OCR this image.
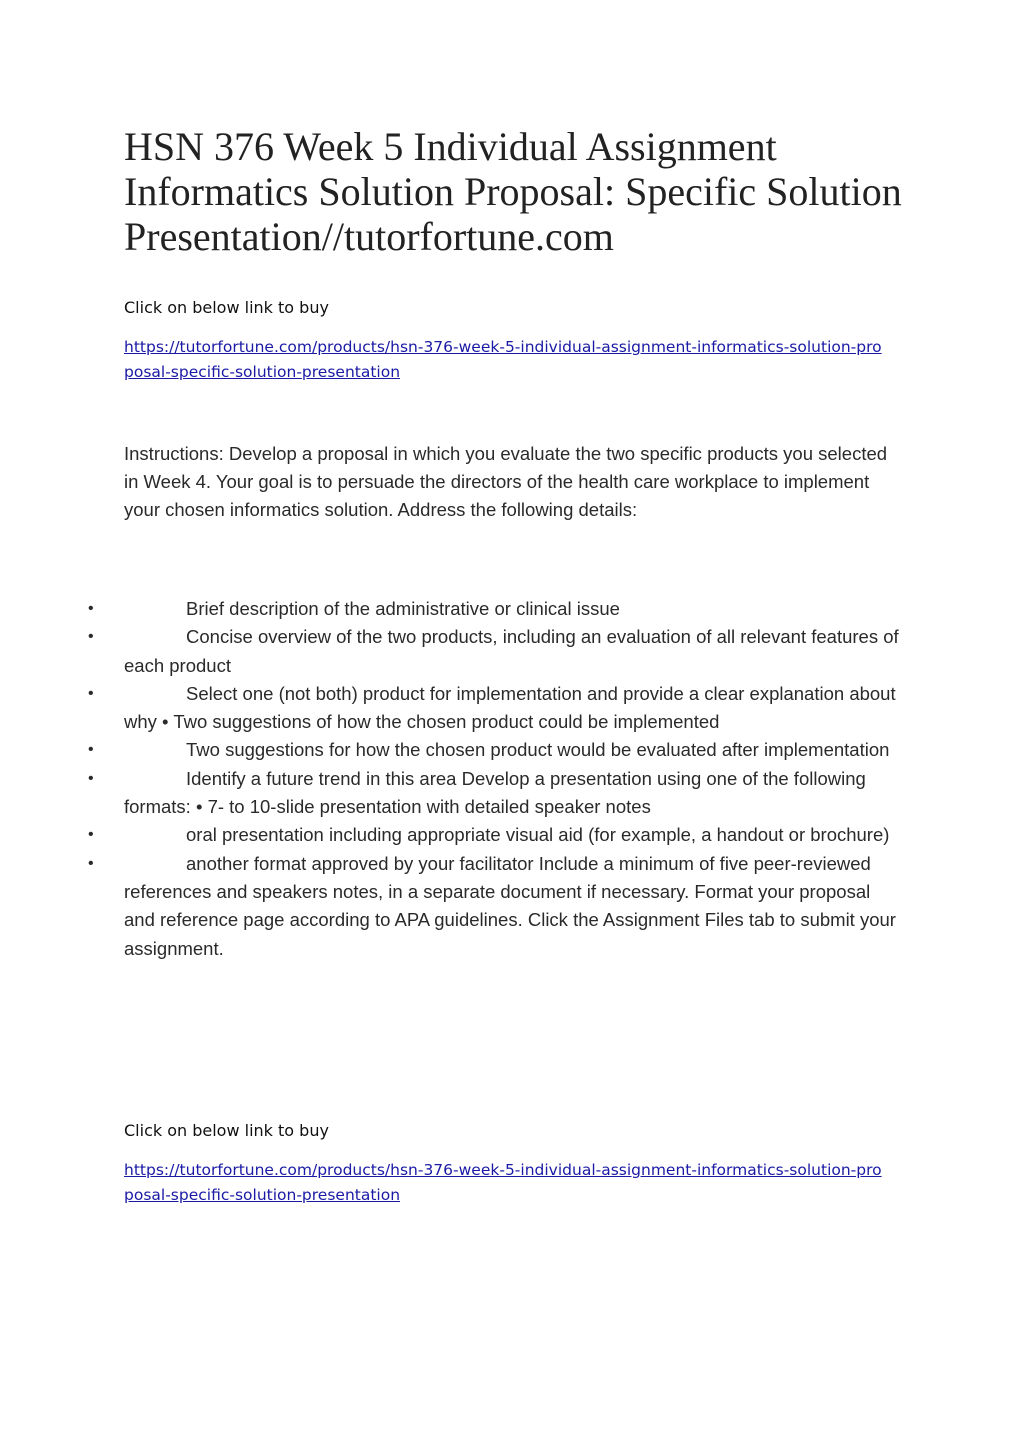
HSN 376 Week 5 Individual Assignment
Informatics Solution Proposal: Specific Solution
Presentation//tutorfortune.com

Click on below link to buy

https://tutorfortune.com/products/hsn-376-week-5-individual-assignment-informatics-solution-proposal-specific-solution-presentation

Instructions: Develop a proposal in which you evaluate the two specific products you selected in Week 4. Your goal is to persuade the directors of the health care workplace to implement your chosen informatics solution. Address the following details:

•	Brief description of the administrative or clinical issue
•	Concise overview of the two products, including an evaluation of all relevant features of each product
•	Select one (not both) product for implementation and provide a clear explanation about why • Two suggestions of how the chosen product could be implemented
•	Two suggestions for how the chosen product would be evaluated after implementation
•	Identify a future trend in this area Develop a presentation using one of the following formats: • 7- to 10-slide presentation with detailed speaker notes
•	oral presentation including appropriate visual aid (for example, a handout or brochure)
•	another format approved by your facilitator Include a minimum of five peer-reviewed references and speakers notes, in a separate document if necessary. Format your proposal and reference page according to APA guidelines. Click the Assignment Files tab to submit your assignment.

Click on below link to buy

https://tutorfortune.com/products/hsn-376-week-5-individual-assignment-informatics-solution-proposal-specific-solution-presentation
